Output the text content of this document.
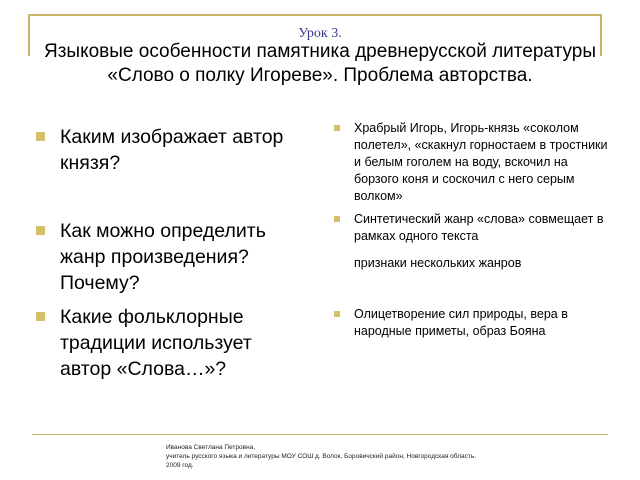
Урок 3.
Языковые особенности памятника древнерусской литературы «Слово о полку Игореве». Проблема авторства.
Каким изображает автор князя?
Как можно определить жанр произведения? Почему?
Какие фольклорные традиции использует автор «Слова…»?
Храбрый Игорь, Игорь-князь «соколом полетел», «скакнул горностаем в тростники и белым гоголем на воду, вскочил на борзого коня и соскочил с него серым волком»
Синтетический жанр «слова» совмещает в рамках одного текста
признаки нескольких жанров
Олицетворение сил природы, вера в народные приметы, образ Бояна
Иванова Светлана Петровна,
учитель русского языка и литературы МОУ СОШ д. Волок, Боровичский район, Новгородская область.
2009 год.
